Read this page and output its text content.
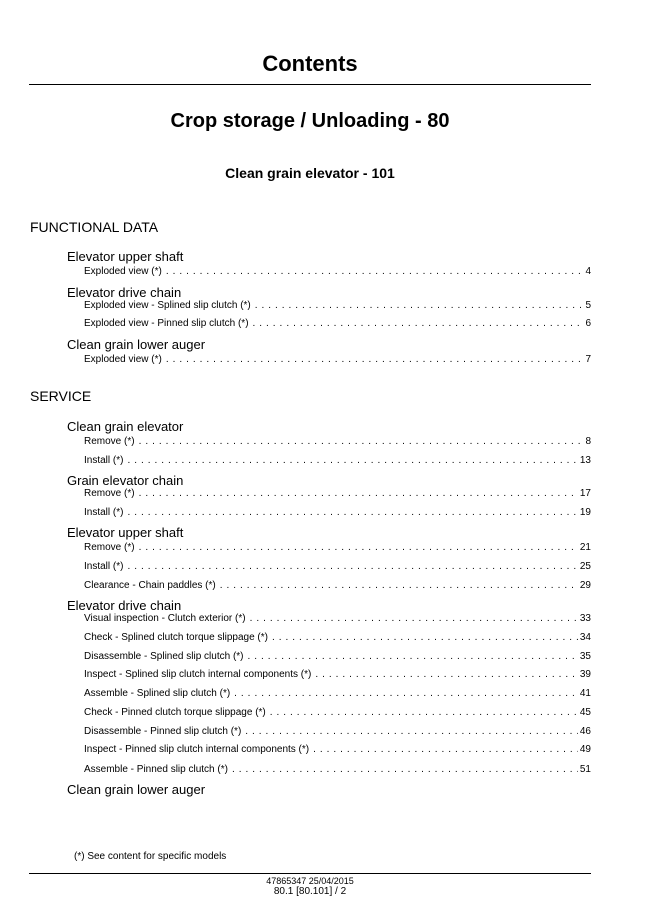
Contents
Crop storage / Unloading - 80
Clean grain elevator - 101
FUNCTIONAL DATA
Elevator upper shaft
Exploded view (*) . . .	4
Elevator drive chain
Exploded view - Splined slip clutch (*) . . .	5
Exploded view - Pinned slip clutch (*) . . .	6
Clean grain lower auger
Exploded view (*) . . .	7
SERVICE
Clean grain elevator
Remove (*) . . .	8
Install (*) . . .	13
Grain elevator chain
Remove (*) . . .	17
Install (*) . . .	19
Elevator upper shaft
Remove (*) . . .	21
Install (*) . . .	25
Clearance - Chain paddles (*) . . .	29
Elevator drive chain
Visual inspection - Clutch exterior (*) . . .	33
Check - Splined clutch torque slippage (*) . . .	34
Disassemble - Splined slip clutch (*) . . .	35
Inspect - Splined slip clutch internal components (*) . . .	39
Assemble - Splined slip clutch (*) . . .	41
Check - Pinned clutch torque slippage (*) . . .	45
Disassemble - Pinned slip clutch (*) . . .	46
Inspect - Pinned slip clutch internal components (*) . . .	49
Assemble - Pinned slip clutch (*) . . .	51
Clean grain lower auger
(*) See content for specific models
47865347 25/04/2015
80.1 [80.101] / 2
